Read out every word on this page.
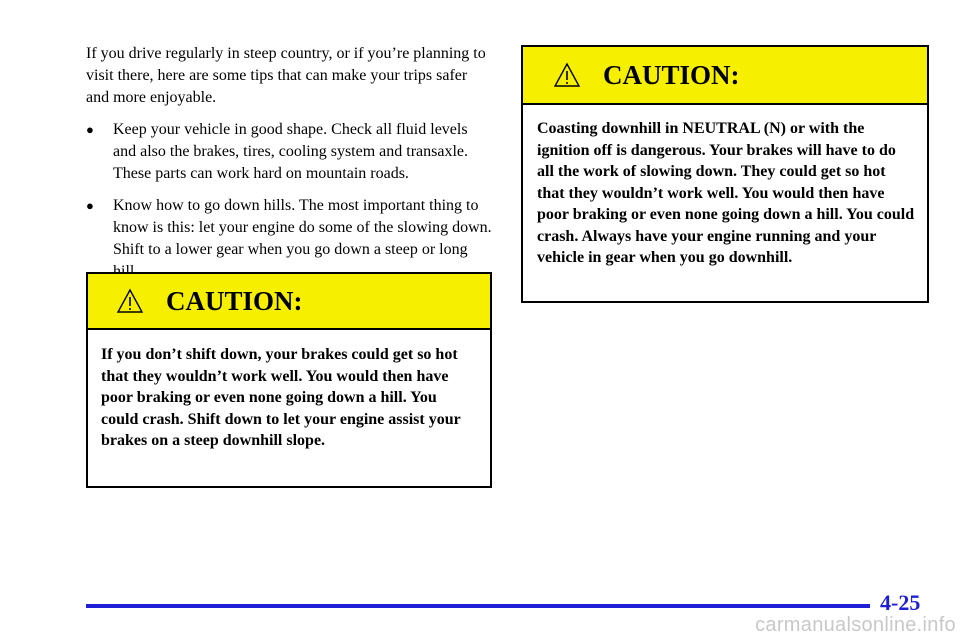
If you drive regularly in steep country, or if you’re planning to visit there, here are some tips that can make your trips safer and more enjoyable.

●	Keep your vehicle in good shape. Check all fluid levels and also the brakes, tires, cooling system and transaxle. These parts can work hard on mountain roads.
●	Know how to go down hills. The most important thing to know is this: let your engine do some of the slowing down. Shift to a lower gear when you go down a steep or long
CAUTION:
If you don’t shift down, your brakes could get so hot that they wouldn’t work well. You would then have poor braking or even none going down a hill. You could crash. Shift down to let your engine assist your brakes on a steep downhill slope.
CAUTION:
Coasting downhill in NEUTRAL (N) or with the ignition off is dangerous. Your brakes will have to do all the work of slowing down. They could get so hot that they wouldn’t work well. You would then have poor braking or even none going down a hill. You could crash. Always have your engine running and your vehicle in gear when you go downhill.
4-25
carmanualsonline.info
